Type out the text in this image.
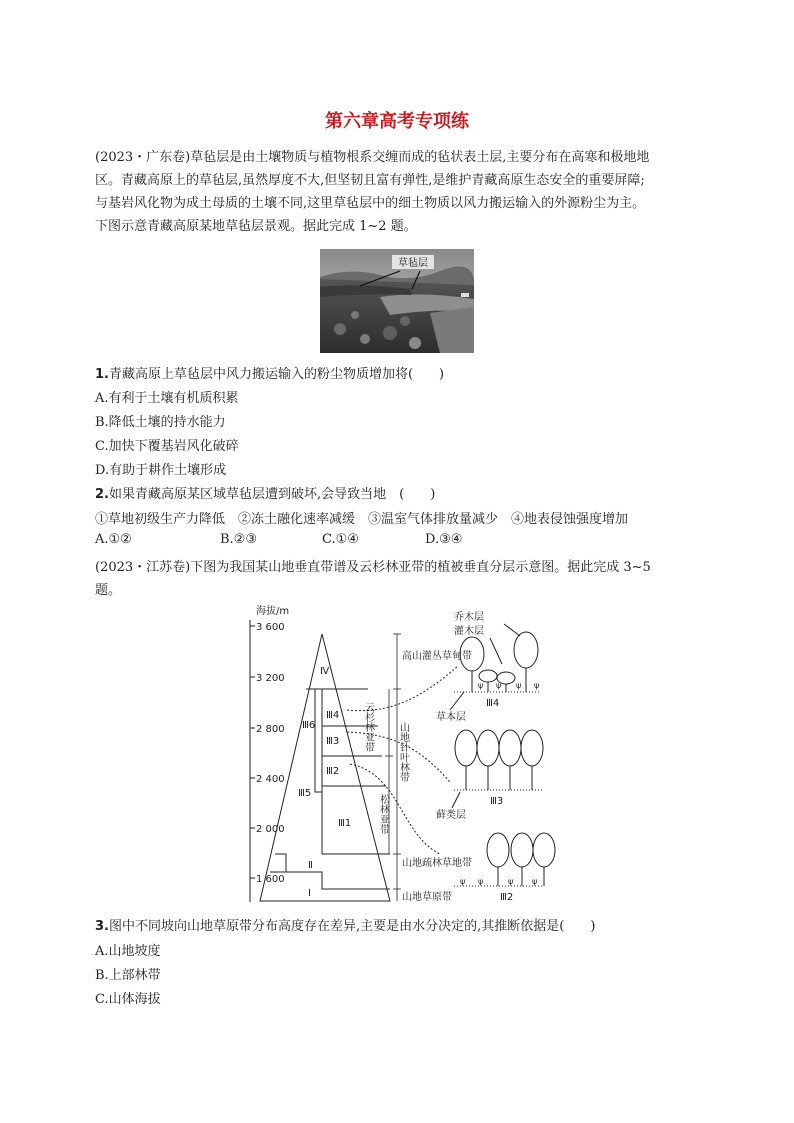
第六章高考专项练
(2023・广东卷)草毡层是由土壤物质与植物根系交缠而成的毡状表土层,主要分布在高寒和极地地
区。青藏高原上的草毡层,虽然厚度不大,但坚韧且富有弹性,是维护青藏高原生态安全的重要屏障;
与基岩风化物为成土母质的土壤不同,这里草毡层中的细土物质以风力搬运输入的外源粉尘为主。
下图示意青藏高原某地草毡层景观。据此完成 1~2 题。
草毡层
1.青藏高原上草毡层中风力搬运输入的粉尘物质增加将(　　)
A.有利于土壤有机质积累
B.降低土壤的持水能力
C.加快下覆基岩风化破碎
D.有助于耕作土壤形成
2.如果青藏高原某区域草毡层遭到破坏,会导致当地　(　　)
①草地初级生产力降低　②冻土融化速率减缓　③温室气体排放量减少　④地表侵蚀强度增加
A.①②	B.②③	C.①④	D.③④
(2023・江苏卷)下图为我国某山地垂直带谱及云杉林亚带的植被垂直分层示意图。据此完成 3~5
题。
海拔/m
3 600
3 200
2 800
2 400
2 000
1 600
Ⅳ
Ⅲ6
Ⅲ4
Ⅲ3
Ⅲ2
Ⅲ5
Ⅲ1
Ⅱ
Ⅰ
高山灌丛草甸带
云杉林亚带 山地针叶林带
松林亚带
山地疏林草地带
山地草原带
ψ ψ ψ ψ
Ⅲ4
乔木层
灌木层
草本层
Ⅲ3
藓类层
ψ ψ	ψ ψ
Ⅲ2
3.图中不同坡向山地草原带分布高度存在差异,主要是由水分决定的,其推断依据是(　　)
A.山地坡度
B.上部林带
C.山体海拔
